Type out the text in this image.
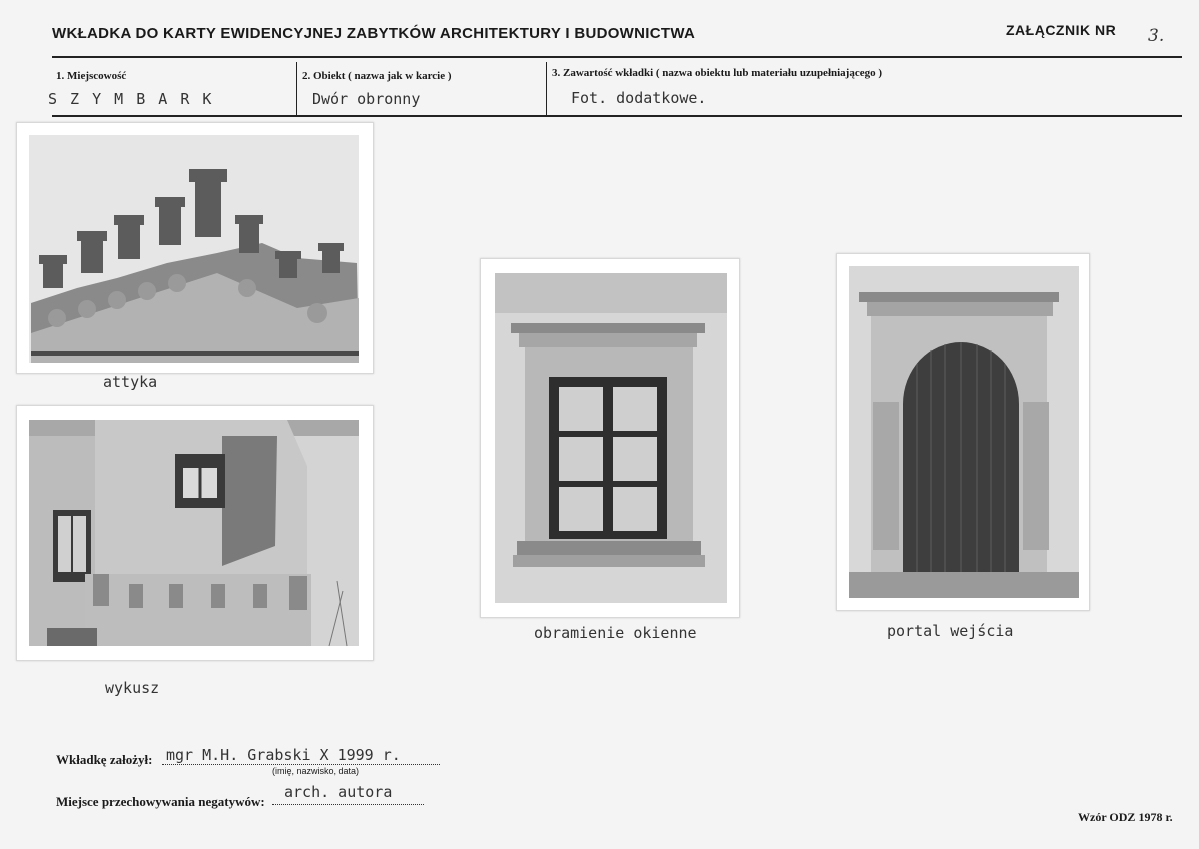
WKŁADKA DO KARTY EWIDENCYJNEJ ZABYTKÓW ARCHITEKTURY I BUDOWNICTWA	ZAŁĄCZNIK NR 3.
1. Miejscowość
S Z Y M B A R K
2. Obiekt ( nazwa jak w karcie )
Dwór obronny
3. Zawartość wkładki ( nazwa obiektu lub materiału uzupełniającego )
Fot. dodatkowe.
attyka
wykusz
obramienie okienne	portal wejścia
Wkładkę założył: mgr M.H. Grabski X 1999 r.
(imię, nazwisko, data)
Miejsce przechowywania negatywów:
arch. autora
Wzór ODZ 1978 r.
